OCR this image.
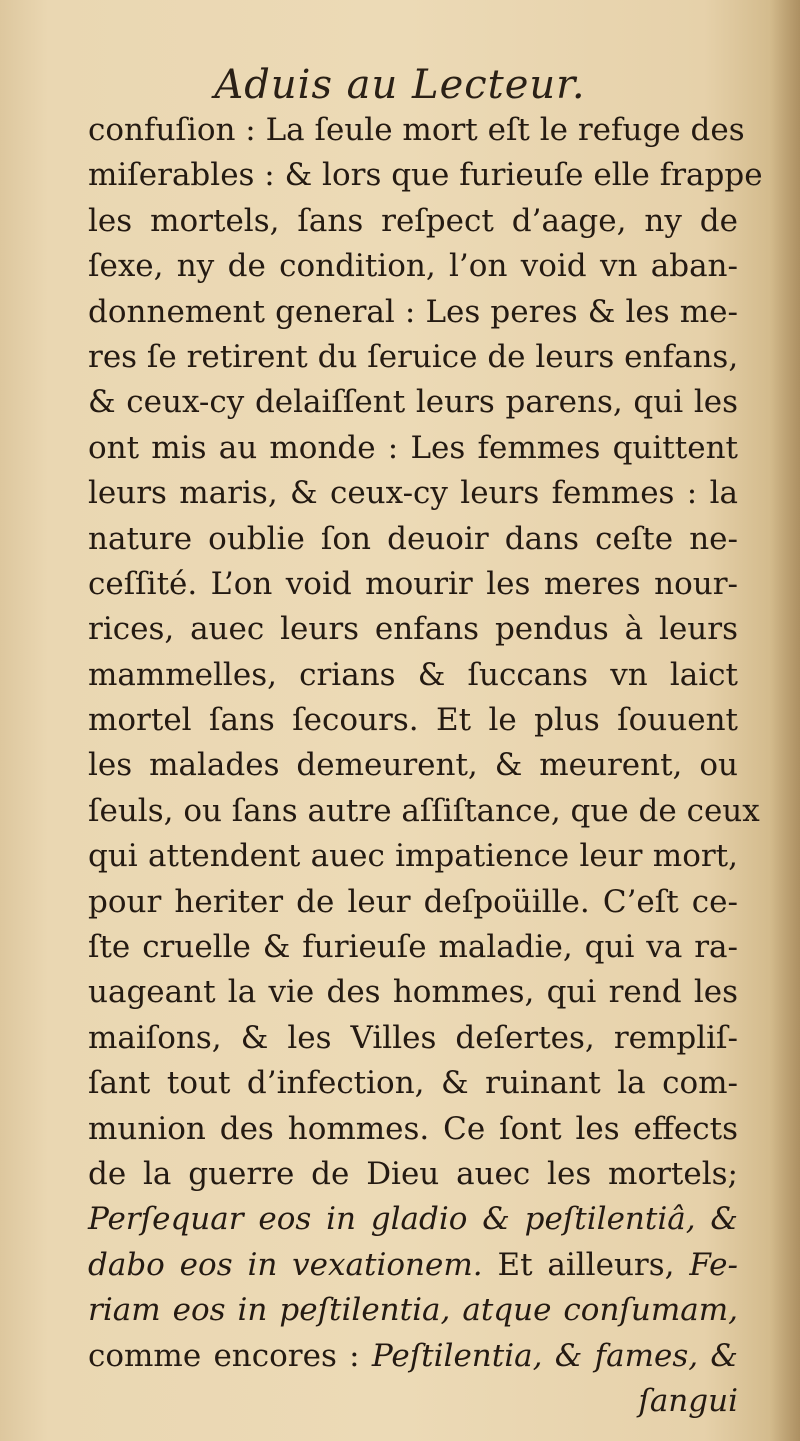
Aduis au Lecteur.
confuſion : La ſeule mort eſt le refuge des
miſerables : & lors que furieuſe elle frappe
les mortels, ſans reſpect d’aage, ny de
ſexe, ny de condition, l’on void vn aban-
donnement general : Les peres & les me-
res ſe retirent du ſeruice de leurs enfans,
& ceux-cy delaiſſent leurs parens, qui les
ont mis au monde : Les femmes quittent
leurs maris, & ceux-cy leurs femmes : la
nature oublie ſon deuoir dans ceſte ne-
ceſſité. L’on void mourir les meres nour-
rices, auec leurs enfans pendus à leurs
mammelles, crians & ſuccans vn laict
mortel ſans ſecours. Et le plus ſouuent
les malades demeurent, & meurent, ou
ſeuls, ou ſans autre aſſiſtance, que de ceux
qui attendent auec impatience leur mort,
pour heriter de leur deſpoüille. C’eſt ce-
ſte cruelle & furieuſe maladie, qui va ra-
uageant la vie des hommes, qui rend les
maiſons, & les Villes deſertes, rempliſ-
ſant tout d’infection, & ruinant la com-
munion des hommes. Ce ſont les effects
de la guerre de Dieu auec les mortels;
Perſequar eos in gladio & peſtilentiâ, &
dabo eos in vexationem. Et ailleurs, Fe-
riam eos in peſtilentia, atque conſumam,
comme encores : Peſtilentia, & fames, &
ſangui
